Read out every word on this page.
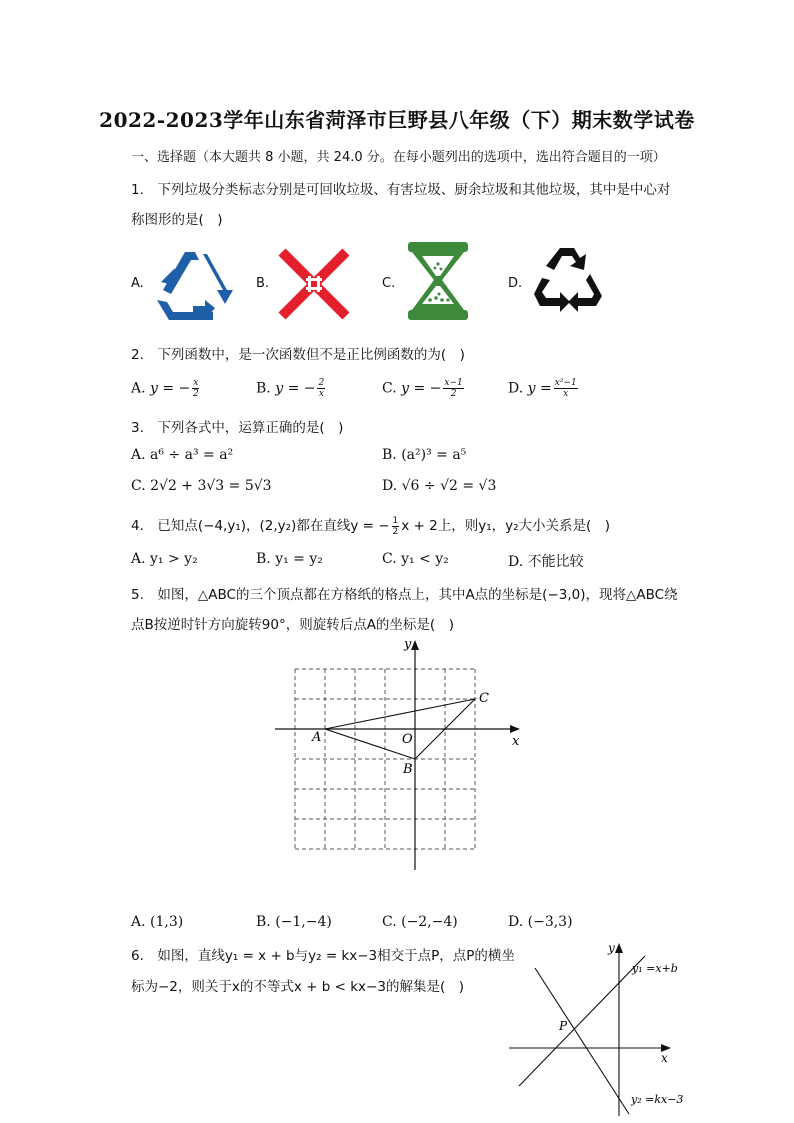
2022-2023学年山东省菏泽市巨野县八年级（下）期末数学试卷
一、选择题（本大题共 8 小题，共 24.0 分。在每小题列出的选项中，选出符合题目的一项）
1.　下列垃圾分类标志分别是可回收垃圾、有害垃圾、厨余垃圾和其他垃圾，其中是中心对
称图形的是(　)
A.	B.	C.	D.
2.　下列函数中，是一次函数但不是正比例函数的为(　)
A. y = − $\frac{x}{2}$	B. y = − $\frac{2}{x}$	C. y = − $\frac{x-1}{2}$	D. $y = \frac{\text{x²−1}}{x}$
3.　下列各式中，运算正确的是(　)
A. a⁶ ÷ a³ = a²	B. (a²)³ = a⁵
C. 2√2 + 3√3 = 5√3	D. √6 ÷ √2 = √3
4.　已知点(−4,y₁)，(2,y₂)都在直线y = − $\frac{1}{2}$ x + 2上，则y₁，y₂大小关系是(　)
A. y₁ > y₂	B. y₁ = y₂	C. y₁ < y₂	D. 不能比较
5.　如图，△ABC的三个顶点都在方格纸的格点上，其中A点的坐标是(−3,0)，现将△ABC绕
点B按逆时针方向旋转90°，则旋转后点A的坐标是(　)
y
x
A
B
C
O
A. (1,3)	B. (−1,−4)	C. (−2,−4)	D. (−3,3)
6.　如图，直线y₁ = x + b与y₂ = kx−3相交于点P，点P的横坐
标为−2，则关于x的不等式x + b < kx−3的解集是(　)
y
x
P
y₁ =x+b
y₂ =kx−3
